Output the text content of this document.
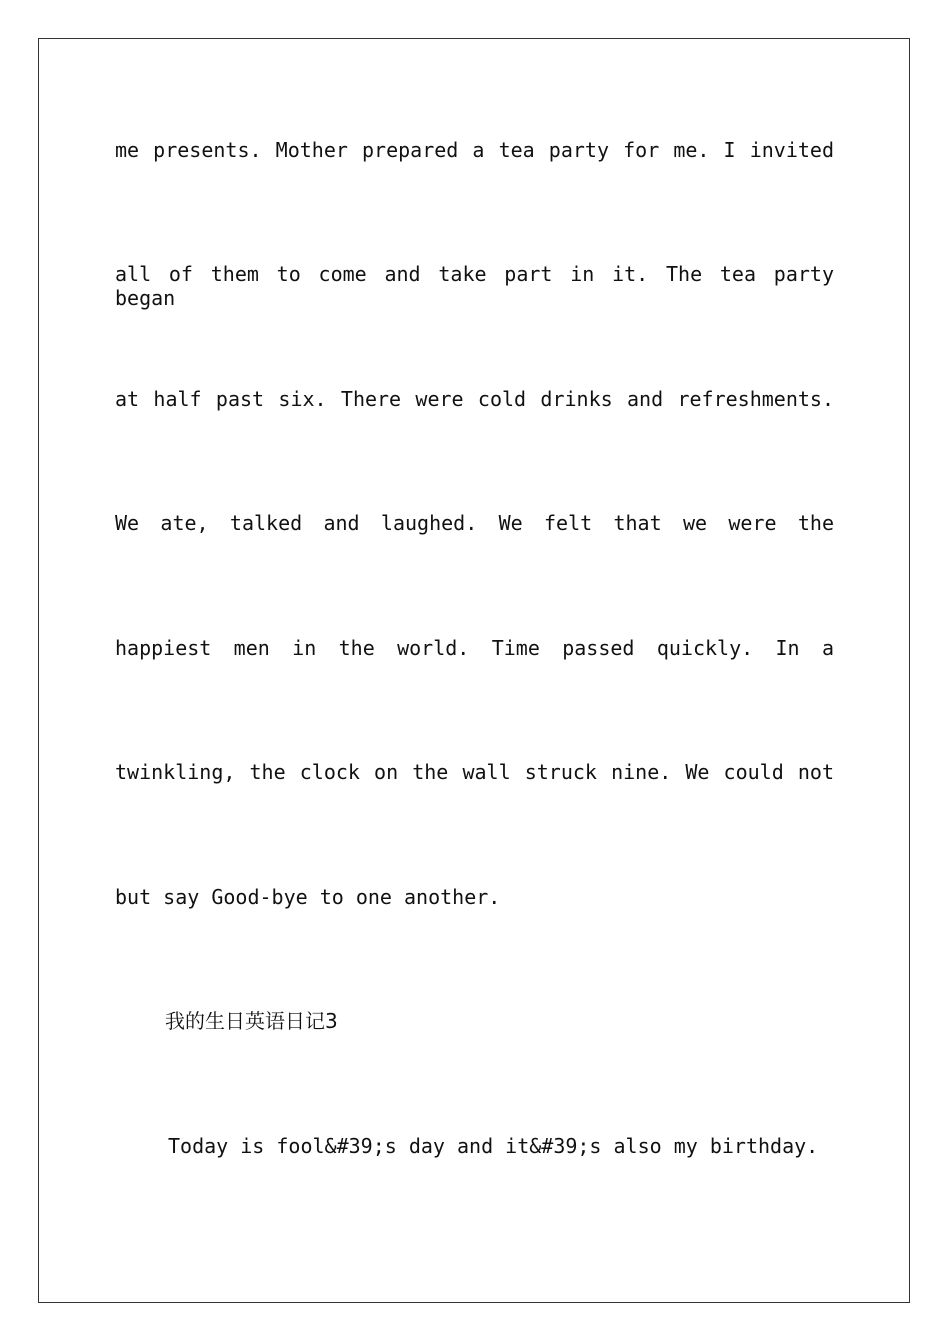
me presents. Mother prepared a tea party for me. I invited
all of them to come and take part in it. The tea party began
at half past six. There were cold drinks and refreshments.
We ate, talked and laughed. We felt that we were the
happiest men in the world. Time passed quickly. In a
twinkling, the clock on the wall struck nine. We could not
but say Good-bye to one another.
我的生日英语日记3
Today is fool&#39;s day and it&#39;s also my birthday.
